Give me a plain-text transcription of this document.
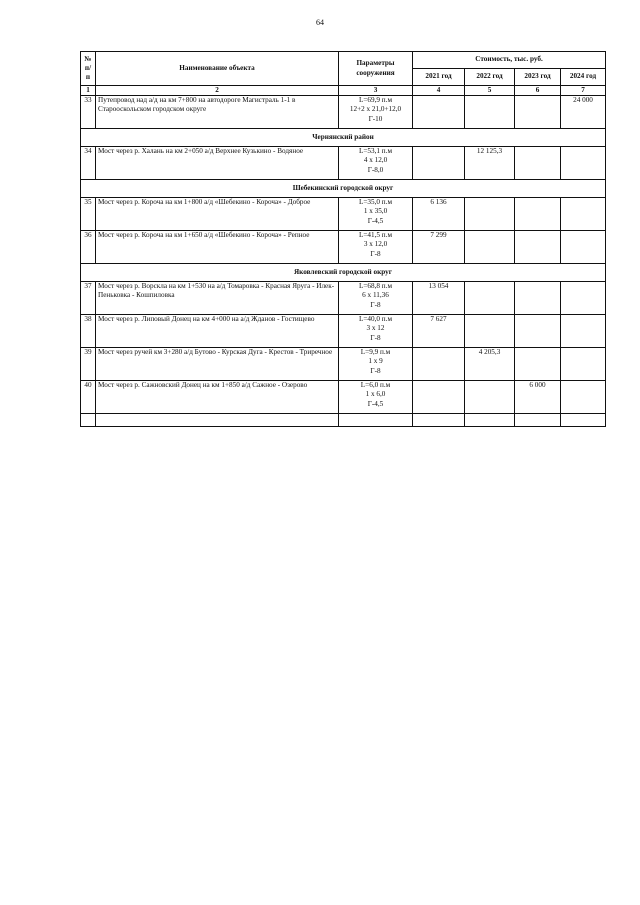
64
№ п/п	Наименование объекта	Параметры сооружения	Стоимость, тыс. руб.			
			2021 год	2022 год	2023 год	2024 год
1	2	3	4	5	6	7
33	Путепровод над а/д на км 7+800 на автодороге Магистраль 1-1 в Старооскольском городском округе	L=69,9 п.м
12+2 х 21,0+12,0
Г-10				24 000
Чернянский район						
34	Мост через р. Халань на км 2+050 а/д Верхнее Кузькино - Водяное	L=53,1 п.м
4 х 12,0
Г-8,0		12 125,3		
Шебекинский городской округ						
35	Мост через р. Короча на км 1+800 а/д «Шебекино - Короча» - Доброе	L=35,0 п.м
1 х 35,0
Г-4,5	6 136			
36	Мост через р. Короча на км 1+650 а/д «Шебекино - Короча» - Репное	L=41,5 п.м
3 х 12,0
Г-8	7 299			
Яковлевский городской округ						
37	Мост через р. Ворскла на км 1+530 на а/д Томаровка - Красная Яруга - Илек-Пеньковка - Кошпиловка	L=68,8 п.м
6 х 11,36
Г-8	13 054			
38	Мост через р. Липовый Донец на км 4+000 на а/д Жданов - Гостищево	L=40,0 п.м
3 х 12
Г-8	7 627			
39	Мост через ручей км 3+280 а/д Бутово - Курская Дуга - Крестов - Триречное	L=9,9 п.м
1 х 9
Г-8		4 205,3		
40	Мост через р. Сажновский Донец на км 1+850 а/д Сажное - Озерово	L=6,0 п.м
1 х 6,0
Г-4,5			6 000	
